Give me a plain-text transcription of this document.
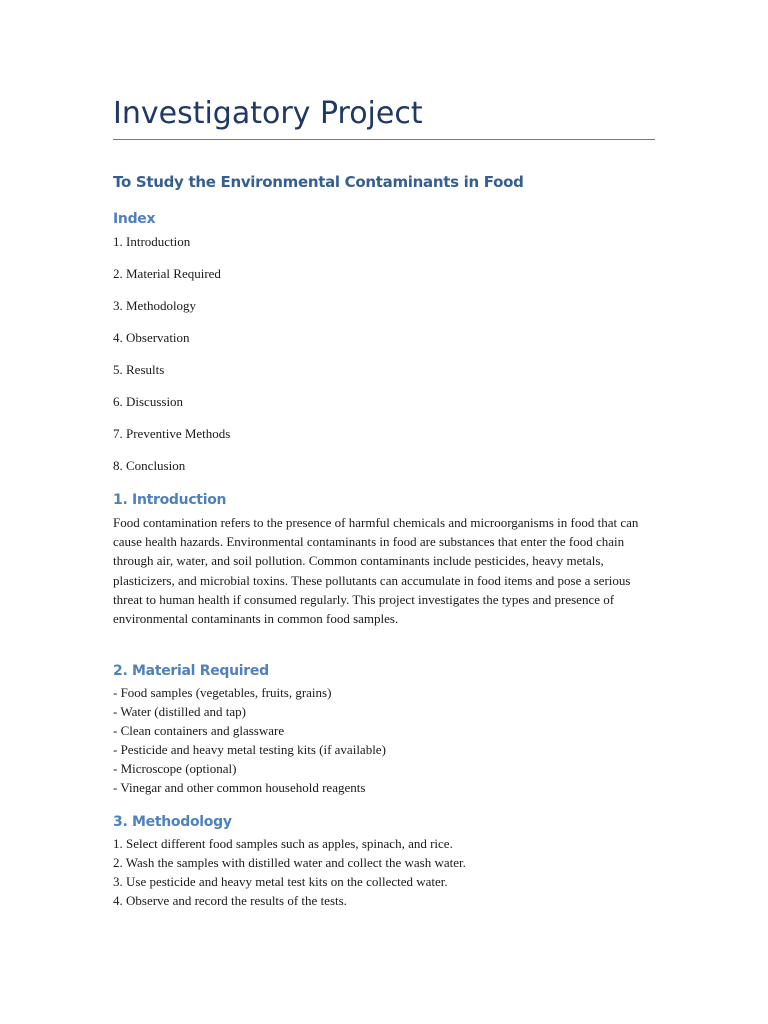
Investigatory Project
To Study the Environmental Contaminants in Food
Index
1. Introduction
2. Material Required
3. Methodology
4. Observation
5. Results
6. Discussion
7. Preventive Methods
8. Conclusion
1. Introduction

Food contamination refers to the presence of harmful chemicals and microorganisms in food that can cause health hazards. Environmental contaminants in food are substances that enter the food chain through air, water, and soil pollution. Common contaminants include pesticides, heavy metals, plasticizers, and microbial toxins. These pollutants can accumulate in food items and pose a serious threat to human health if consumed regularly. This project investigates the types and presence of environmental contaminants in common food samples.

2. Material Required
- Food samples (vegetables, fruits, grains)
- Water (distilled and tap)
- Clean containers and glassware
- Pesticide and heavy metal testing kits (if available)
- Microscope (optional)
- Vinegar and other common household reagents
3. Methodology
1. Select different food samples such as apples, spinach, and rice.
2. Wash the samples with distilled water and collect the wash water.
3. Use pesticide and heavy metal test kits on the collected water.
4. Observe and record the results of the tests.
